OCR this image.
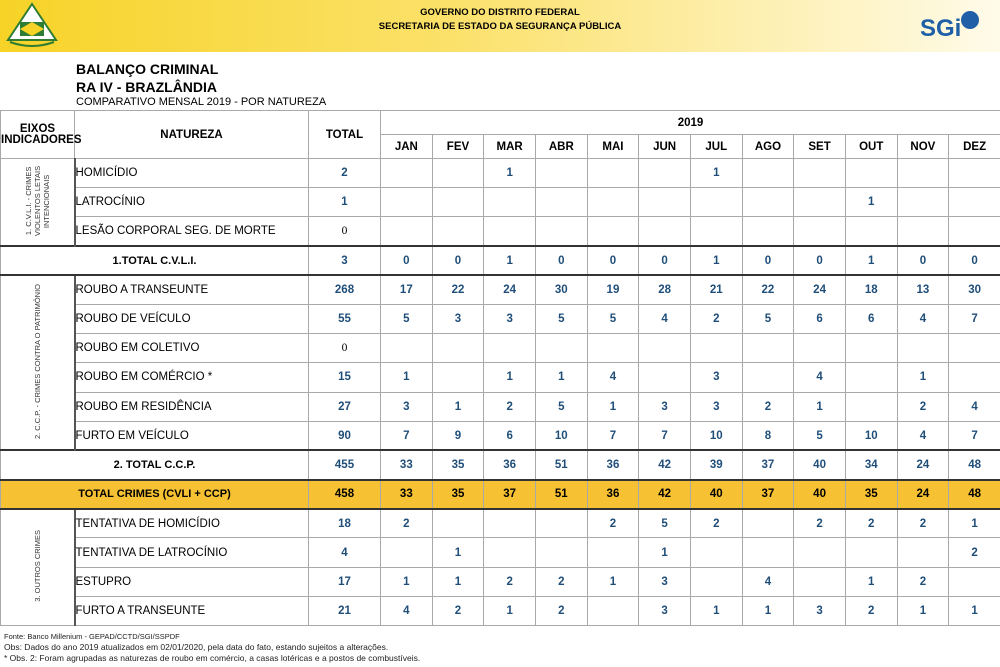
GOVERNO DO DISTRITO FEDERAL
SECRETARIA DE ESTADO DA SEGURANÇA PÚBLICA	SGi
BALANÇO CRIMINAL
RA IV - BRAZLÂNDIA
COMPARATIVO MENSAL 2019 - POR NATUREZA
EIXOS INDICADORES	NATUREZA	TOTAL	2019											
			JAN	FEV	MAR	ABR	MAI	JUN	JUL	AGO	SET	OUT	NOV	DEZ
1. C.V.L.I. - CRIMES VIOLENTOS LETAIS INTENCIONAIS	HOMICÍDIO	2			1				1					
	LATROCÍNIO	1										1		
	LESÃO CORPORAL SEG. DE MORTE	0												
1.TOTAL C.V.L.I.		3	0	0	1	0	0	0	1	0	0	1	0	0
2. C.C.P. - CRIMES CONTRA O PATRIMÔNIO	ROUBO A TRANSEUNTE	268	17	22	24	30	19	28	21	22	24	18	13	30
	ROUBO DE VEÍCULO	55	5	3	3	5	5	4	2	5	6	6	4	7
	ROUBO EM COLETIVO	0												
	ROUBO EM COMÉRCIO *	15	1		1	1	4		3		4		1	
	ROUBO EM RESIDÊNCIA	27	3	1	2	5	1	3	3	2	1		2	4
	FURTO EM VEÍCULO	90	7	9	6	10	7	7	10	8	5	10	4	7
2. TOTAL C.C.P.		455	33	35	36	51	36	42	39	37	40	34	24	48
TOTAL CRIMES (CVLI + CCP)		458	33	35	37	51	36	42	40	37	40	35	24	48
3. OUTROS CRIMES	TENTATIVA DE HOMICÍDIO	18	2				2	5	2		2	2	2	1
	TENTATIVA DE LATROCÍNIO	4		1				1						2
	ESTUPRO	17	1	1	2	2	1	3		4		1	2	
	FURTO A TRANSEUNTE	21	4	2	1	2		3	1	1	3	2	1	1
Fonte: Banco Millenium - GEPAD/CCTD/SGI/SSPDF
Obs: Dados do ano 2019 atualizados em 02/01/2020, pela data do fato, estando sujeitos a alterações.
* Obs. 2: Foram agrupadas as naturezas de roubo em comércio, a casas lotéricas e a postos de combustíveis.
